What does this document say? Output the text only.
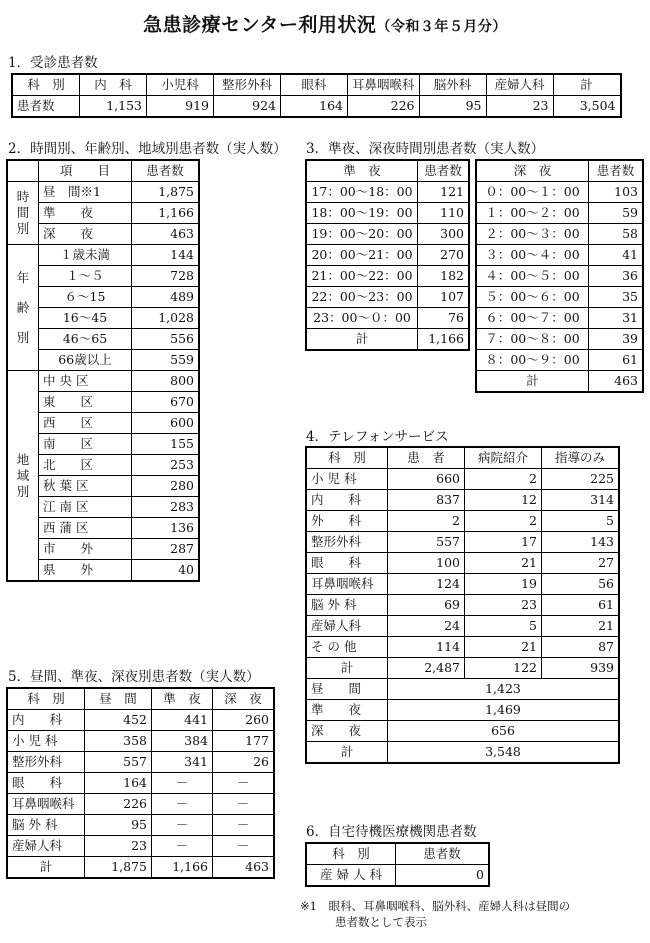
急患診療センター利用状況（令和３年５月分）
1．受診患者数
科　別	内　科	小児科	整形外科	眼科	耳鼻咽喉科	脳外科	産婦人科	計
患者数	1,153	919	924	164	226	95	23	3,504
2．時間別、年齢別、地域別患者数（実人数）
	項　　目	患者数
時間別	昼　間※1	1,875
	準　　夜	1,166
	深　　夜	463
年齢別	１歳未満	144
	１～５	728
	６～15	489
	16～45	1,028
	46～65	556
	66歳以上	559
地域別	中 央 区	800
	東　　区	670
	西　　区	600
	南　　区	155
	北　　区	253
	秋 葉 区	280
	江 南 区	283
	西 蒲 区	136
	市　　外	287
	県　　外	40
3．準夜、深夜時間別患者数（実人数）
準　夜	患者数
17：00～18：00	121
18：00～19：00	110
19：00～20：00	300
20：00～21：00	270
21：00～22：00	182
22：00～23：00	107
23：00～０：00	76
計	1,166
深　夜	患者数
０：00～１：00	103
１：00～２：00	59
２：00～３：00	58
３：00～４：00	41
４：00～５：00	36
５：00～６：00	35
６：00～７：00	31
７：00～８：00	39
８：00～９：00	61
計	463
4．テレフォンサービス
科　別	患　者	病院紹介	指導のみ
小 児 科	660	2	225
内　　科	837	12	314
外　　科	2	2	5
整形外科	557	17	143
眼　　科	100	21	27
耳鼻咽喉科	124	19	56
脳 外 科	69	23	61
産婦人科	24	5	21
そ の 他	114	21	87
計	2,487	122	939
昼　　間	1,423		
準　　夜	1,469		
深　　夜	656		
計	3,548		
5．昼間、準夜、深夜別患者数（実人数）
科　別	昼　間	準　夜	深　夜
内　　科	452	441	260
小 児 科	358	384	177
整形外科	557	341	26
眼　　科	164	－	－
耳鼻咽喉科	226	－	－
脳 外 科	95	－	－
産婦人科	23	－	－
計	1,875	1,166	463
6．自宅待機医療機関患者数
科　別	患者数
産 婦 人 科	0
※1 眼科、耳鼻咽喉科、脳外科、産婦人科は昼間の
患者数として表示
